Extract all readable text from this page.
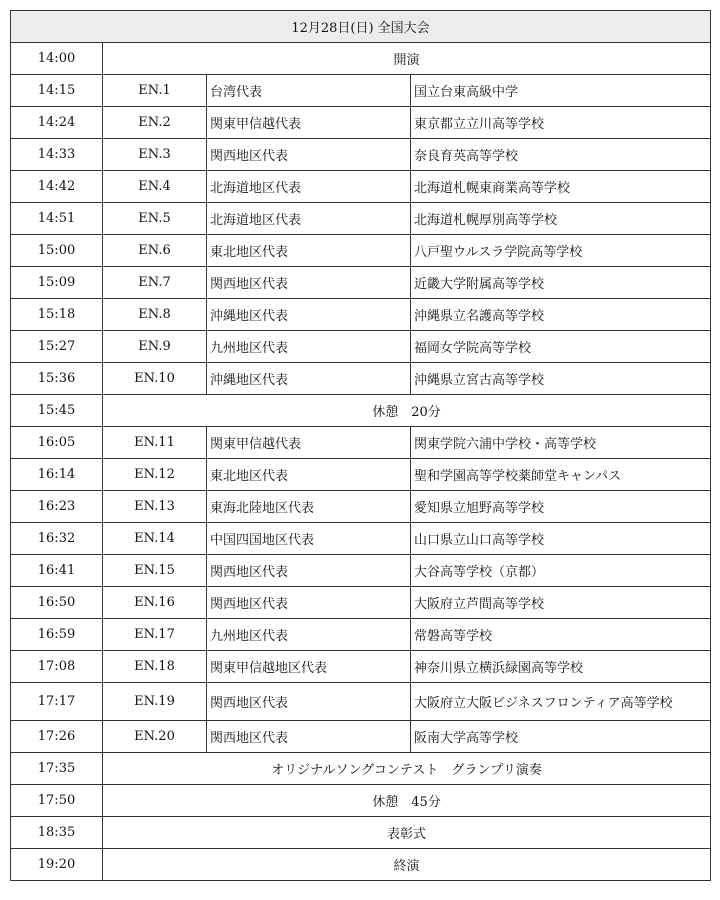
12月28日(日) 全国大会			
14:00	開演		
14:15	EN.1	台湾代表	国立台東高級中学
14:24	EN.2	関東甲信越代表	東京都立立川高等学校
14:33	EN.3	関西地区代表	奈良育英高等学校
14:42	EN.4	北海道地区代表	北海道札幌東商業高等学校
14:51	EN.5	北海道地区代表	北海道札幌厚別高等学校
15:00	EN.6	東北地区代表	八戸聖ウルスラ学院高等学校
15:09	EN.7	関西地区代表	近畿大学附属高等学校
15:18	EN.8	沖縄地区代表	沖縄県立名護高等学校
15:27	EN.9	九州地区代表	福岡女学院高等学校
15:36	EN.10	沖縄地区代表	沖縄県立宮古高等学校
15:45	休憩　20分		
16:05	EN.11	関東甲信越代表	関東学院六浦中学校・高等学校
16:14	EN.12	東北地区代表	聖和学園高等学校薬師堂キャンパス
16:23	EN.13	東海北陸地区代表	愛知県立旭野高等学校
16:32	EN.14	中国四国地区代表	山口県立山口高等学校
16:41	EN.15	関西地区代表	大谷高等学校（京都）
16:50	EN.16	関西地区代表	大阪府立芦間高等学校
16:59	EN.17	九州地区代表	常磐高等学校
17:08	EN.18	関東甲信越地区代表	神奈川県立横浜緑園高等学校
17:17	EN.19	関西地区代表	大阪府立大阪ビジネスフロンティア高等学校
17:26	EN.20	関西地区代表	阪南大学高等学校
17:35	オリジナルソングコンテスト　グランプリ演奏		
17:50	休憩　45分		
18:35	表彰式		
19:20	終演		
